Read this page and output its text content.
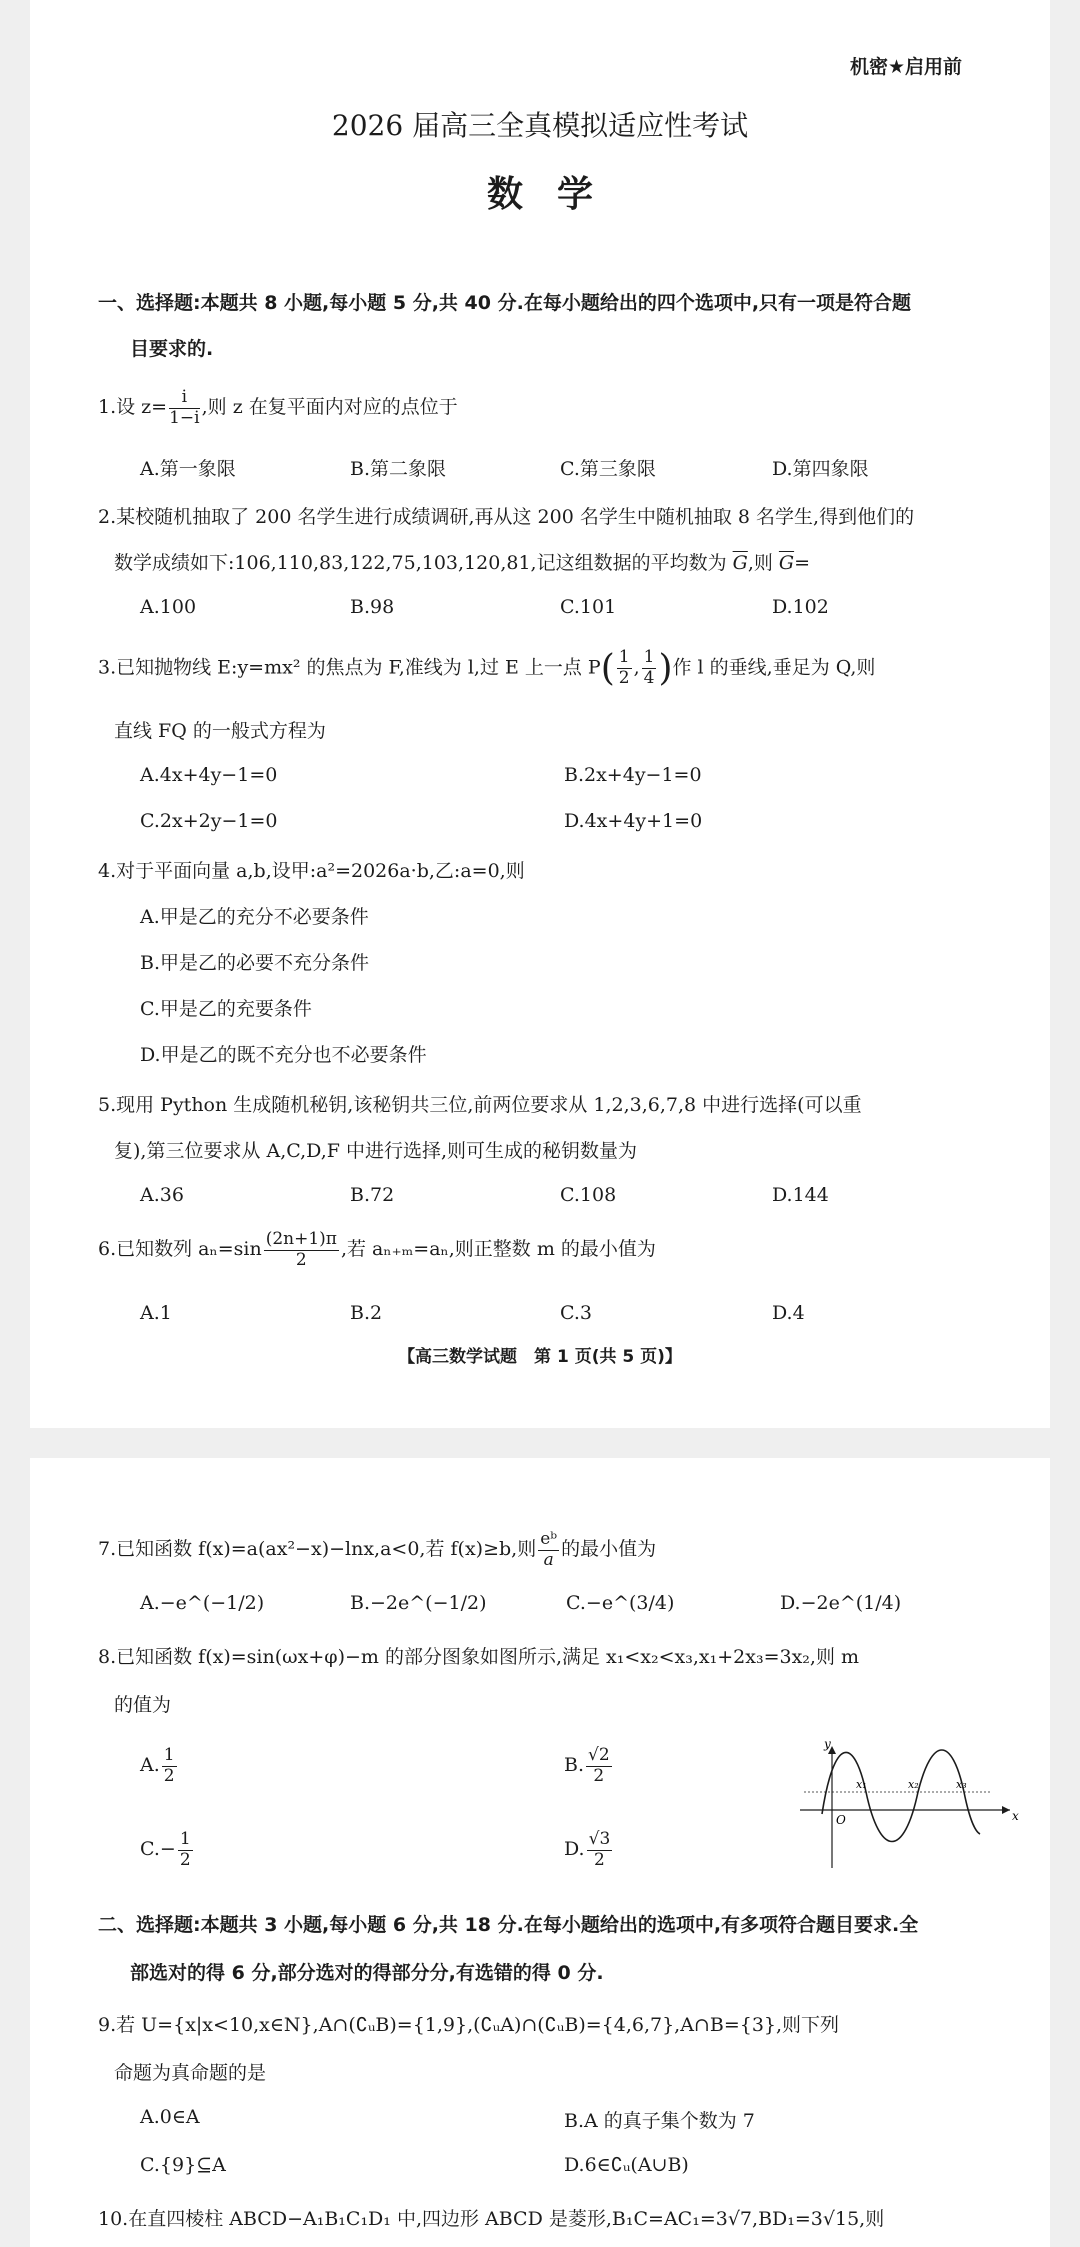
机密★启用前
2026 届高三全真模拟适应性考试
数学
一、选择题:本题共 8 小题,每小题 5 分,共 40 分.在每小题给出的四个选项中,只有一项是符合题
目要求的.
1.设 $z= \frac{i}{1-i}$ ,则 z 在复平面内对应的点位于
A.第一象限	B.第二象限	C.第三象限	D.第四象限
2.某校随机抽取了 200 名学生进行成绩调研,再从这 200 名学生中随机抽取 8 名学生,得到他们的
数学成绩如下:106,110,83,122,75,103,120,81,记这组数据的平均数为 $\overline{G}$,则 $\overline{G}=$
A.100	B.98	C.101	D.102
3.已知抛物线 E:y=mx² 的焦点为 F,准线为 l,过 E 上一点 $P( \frac{1}{2}$ , $\frac{1}{4}$ )作 l 的垂线,垂足为 Q,则
直线 FQ 的一般式方程为
A.4x+4y−1=0	B.2x+4y−1=0
C.2x+2y−1=0	D.4x+4y+1=0
4.对于平面向量 a,b,设甲:a²=2026a·b,乙:a=0,则
A.甲是乙的充分不必要条件
B.甲是乙的必要不充分条件
C.甲是乙的充要条件
D.甲是乙的既不充分也不必要条件
5.现用 Python 生成随机秘钥,该秘钥共三位,前两位要求从 1,2,3,6,7,8 中进行选择(可以重
复),第三位要求从 A,C,D,F 中进行选择,则可生成的秘钥数量为
A.36	B.72	C.108	D.144
6.已知数列 $a_n=\sin \frac{(2n+1)\pi}{2}$ ,若 aₙ₊ₘ=aₙ,则正整数 m 的最小值为
A.1	B.2	C.3	D.4
【高三数学试题　第 1 页(共 5 页)】
7.已知函数 f(x)=a(ax²−x)−lnx,a<0,若 f(x)≥b,则 $\frac{\text{eᵇ}}{a}$ 的最小值为
A.−e^(−1/2)	B.−2e^(−1/2)	C.−e^(3/4)	D.−2e^(1/4)
8.已知函数 f(x)=sin(ωx+φ)−m 的部分图象如图所示,满足 x₁<x₂<x₃,x₁+2x₃=3x₂,则 m
的值为
A. $\frac{1}{2}$	B. $\frac{√2}{2}$
$C.- \frac{1}{2}$	D. $\frac{√3}{2}$
y
x
O
x₁	x₂	x₃
二、选择题:本题共 3 小题,每小题 6 分,共 18 分.在每小题给出的选项中,有多项符合题目要求.全
部选对的得 6 分,部分选对的得部分分,有选错的得 0 分.
9.若 U={x|x<10,x∈N},A∩(∁ᵤB)={1,9},(∁ᵤA)∩(∁ᵤB)={4,6,7},A∩B={3},则下列
命题为真命题的是
A.0∈A	B.A 的真子集个数为 7
C.{9}⊆A	D.6∈∁ᵤ(A∪B)
10.在直四棱柱 ABCD−A₁B₁C₁D₁ 中,四边形 ABCD 是菱形,B₁C=AC₁=3√7,BD₁=3√15,则
